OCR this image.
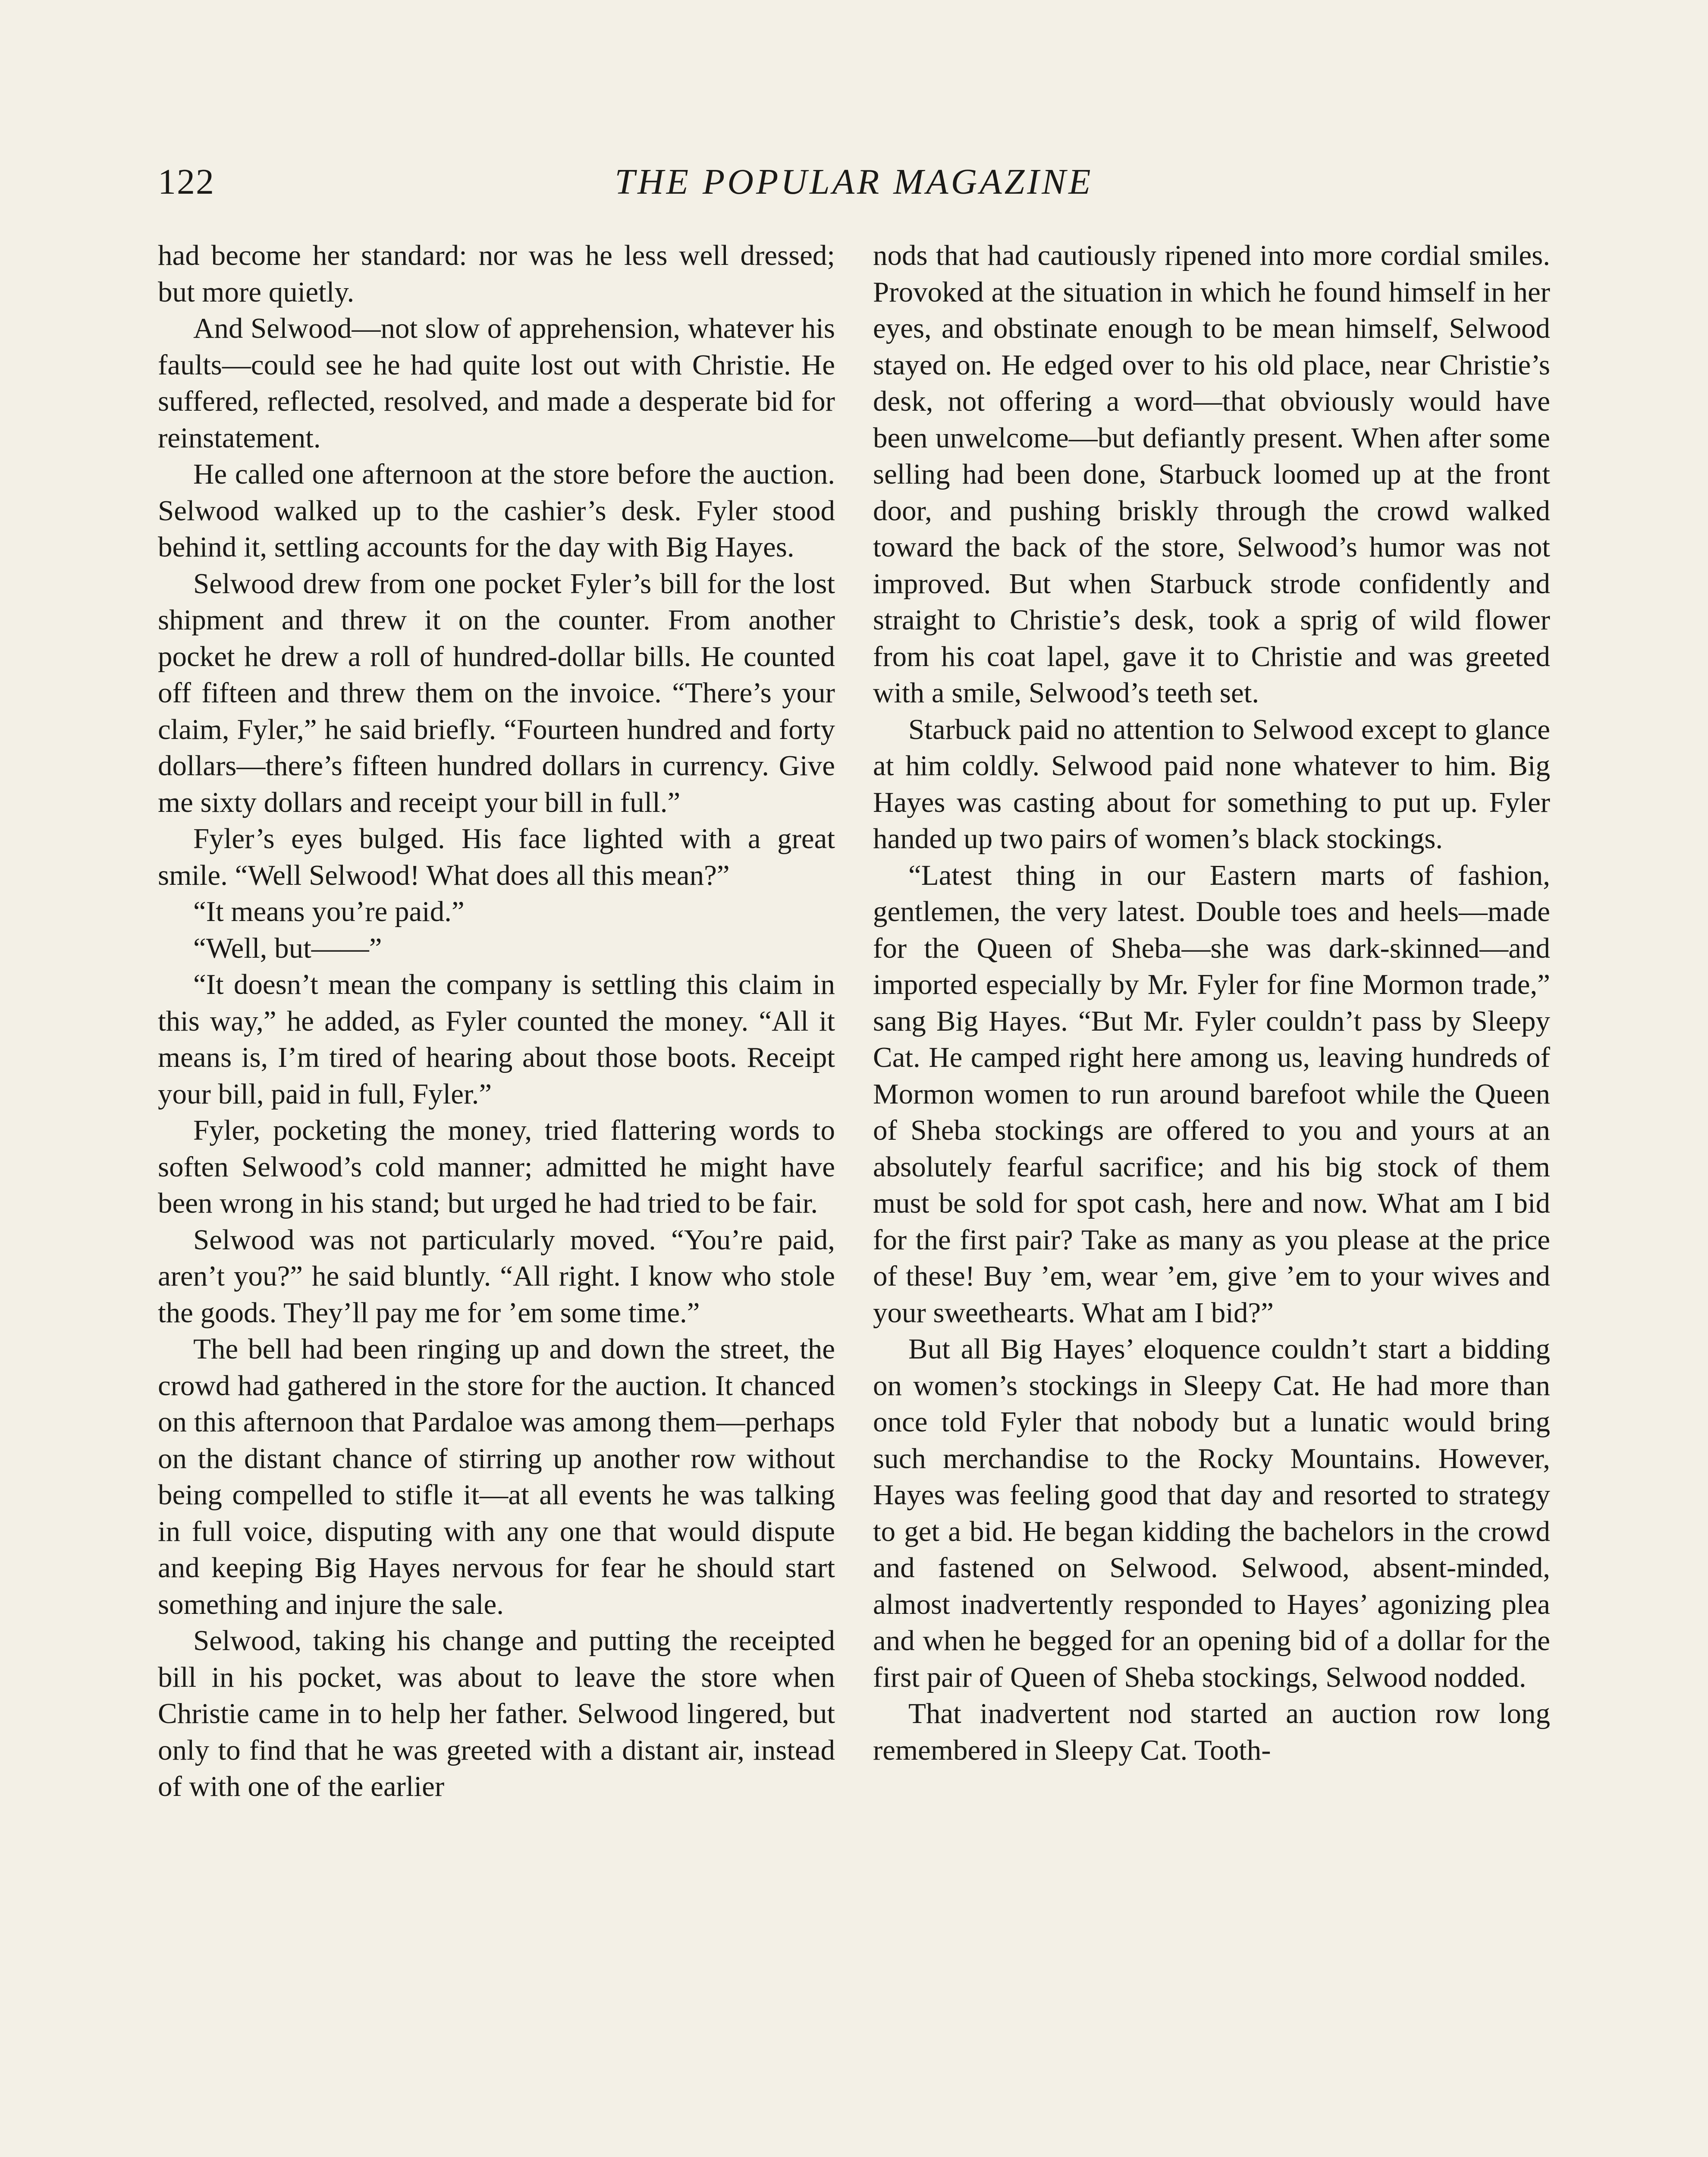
122	THE POPULAR MAGAZINE

had become her standard: nor was he less well dressed; but more quietly.

And Selwood—not slow of apprehension, whatever his faults—could see he had quite lost out with Christie. He suffered, reflected, resolved, and made a desperate bid for reinstatement.

He called one afternoon at the store before the auction. Selwood walked up to the cashier’s desk. Fyler stood behind it, settling accounts for the day with Big Hayes.

Selwood drew from one pocket Fyler’s bill for the lost shipment and threw it on the counter. From another pocket he drew a roll of hundred-dollar bills. He counted off fifteen and threw them on the invoice. “There’s your claim, Fyler,” he said briefly. “Fourteen hundred and forty dollars—there’s fifteen hundred dollars in currency. Give me sixty dollars and receipt your bill in full.”

Fyler’s eyes bulged. His face lighted with a great smile. “Well Selwood! What does all this mean?”

“It means you’re paid.”

“Well, but——”

“It doesn’t mean the company is settling this claim in this way,” he added, as Fyler counted the money. “All it means is, I’m tired of hearing about those boots. Receipt your bill, paid in full, Fyler.”

Fyler, pocketing the money, tried flattering words to soften Selwood’s cold manner; admitted he might have been wrong in his stand; but urged he had tried to be fair.

Selwood was not particularly moved. “You’re paid, aren’t you?” he said bluntly. “All right. I know who stole the goods. They’ll pay me for ’em some time.”

The bell had been ringing up and down the street, the crowd had gathered in the store for the auction. It chanced on this afternoon that Pardaloe was among them—perhaps on the distant chance of stirring up another row without being compelled to stifle it—at all events he was talking in full voice, disputing with any one that would dispute and keeping Big Hayes nervous for fear he should start something and injure the sale.

Selwood, taking his change and putting the receipted bill in his pocket, was about to leave the store when Christie came in to help her father. Selwood lingered, but only to find that he was greeted with a distant air, instead of with one of the earlier

nods that had cautiously ripened into more cordial smiles. Provoked at the situation in which he found himself in her eyes, and obstinate enough to be mean himself, Selwood stayed on. He edged over to his old place, near Christie’s desk, not offering a word—that obviously would have been unwelcome—but defiantly present. When after some selling had been done, Starbuck loomed up at the front door, and pushing briskly through the crowd walked toward the back of the store, Selwood’s humor was not improved. But when Starbuck strode confidently and straight to Christie’s desk, took a sprig of wild flower from his coat lapel, gave it to Christie and was greeted with a smile, Selwood’s teeth set.

Starbuck paid no attention to Selwood except to glance at him coldly. Selwood paid none whatever to him. Big Hayes was casting about for something to put up. Fyler handed up two pairs of women’s black stockings.

“Latest thing in our Eastern marts of fashion, gentlemen, the very latest. Double toes and heels—made for the Queen of Sheba—she was dark-skinned—and imported especially by Mr. Fyler for fine Mormon trade,” sang Big Hayes. “But Mr. Fyler couldn’t pass by Sleepy Cat. He camped right here among us, leaving hundreds of Mormon women to run around barefoot while the Queen of Sheba stockings are offered to you and yours at an absolutely fearful sacrifice; and his big stock of them must be sold for spot cash, here and now. What am I bid for the first pair? Take as many as you please at the price of these! Buy ’em, wear ’em, give ’em to your wives and your sweethearts. What am I bid?”

But all Big Hayes’ eloquence couldn’t start a bidding on women’s stockings in Sleepy Cat. He had more than once told Fyler that nobody but a lunatic would bring such merchandise to the Rocky Mountains. However, Hayes was feeling good that day and resorted to strategy to get a bid. He began kidding the bachelors in the crowd and fastened on Selwood. Selwood, absent-minded, almost inadvertently responded to Hayes’ agonizing plea and when he begged for an opening bid of a dollar for the first pair of Queen of Sheba stockings, Selwood nodded.

That inadvertent nod started an auction row long remembered in Sleepy Cat. Tooth-
